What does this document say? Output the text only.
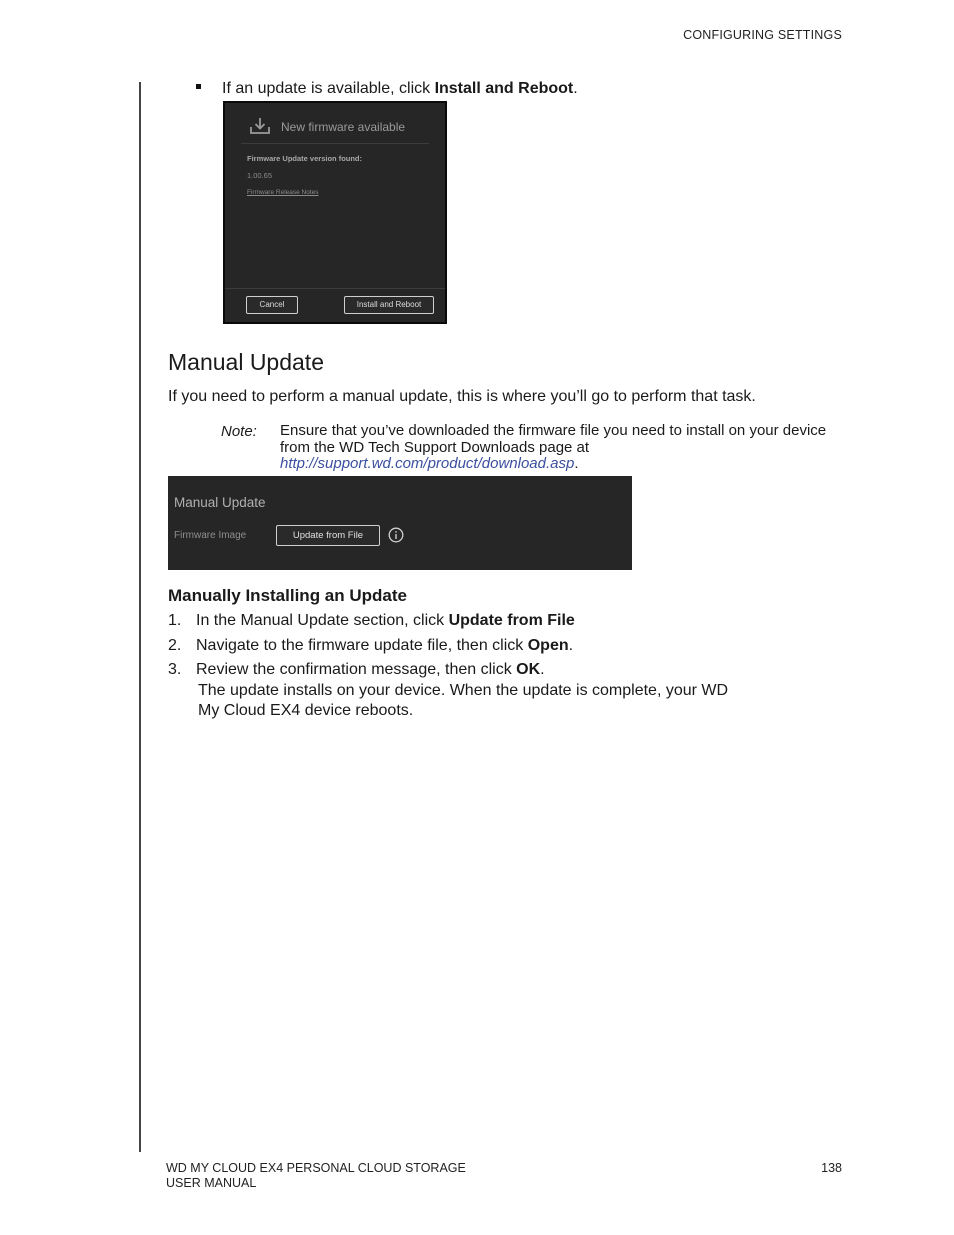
CONFIGURING SETTINGS
If an update is available, click Install and Reboot.
New firmware available
Firmware Update version found:
1.00.65
Firmware Release Notes
Cancel	Install and Reboot
Manual Update
If you need to perform a manual update, this is where you’ll go to perform that task.
Note: Ensure that you’ve downloaded the firmware file you need to install on your device from the WD Tech Support Downloads page at http://support.wd.com/product/download.asp.
Manual Update
Firmware Image	Update from File
Manually Installing an Update
1. In the Manual Update section, click Update from File
2. Navigate to the firmware update file, then click Open.
3. Review the confirmation message, then click OK.
The update installs on your device. When the update is complete, your WD My Cloud EX4 device reboots.
WD MY CLOUD EX4 PERSONAL CLOUD STORAGE
USER MANUAL
138
